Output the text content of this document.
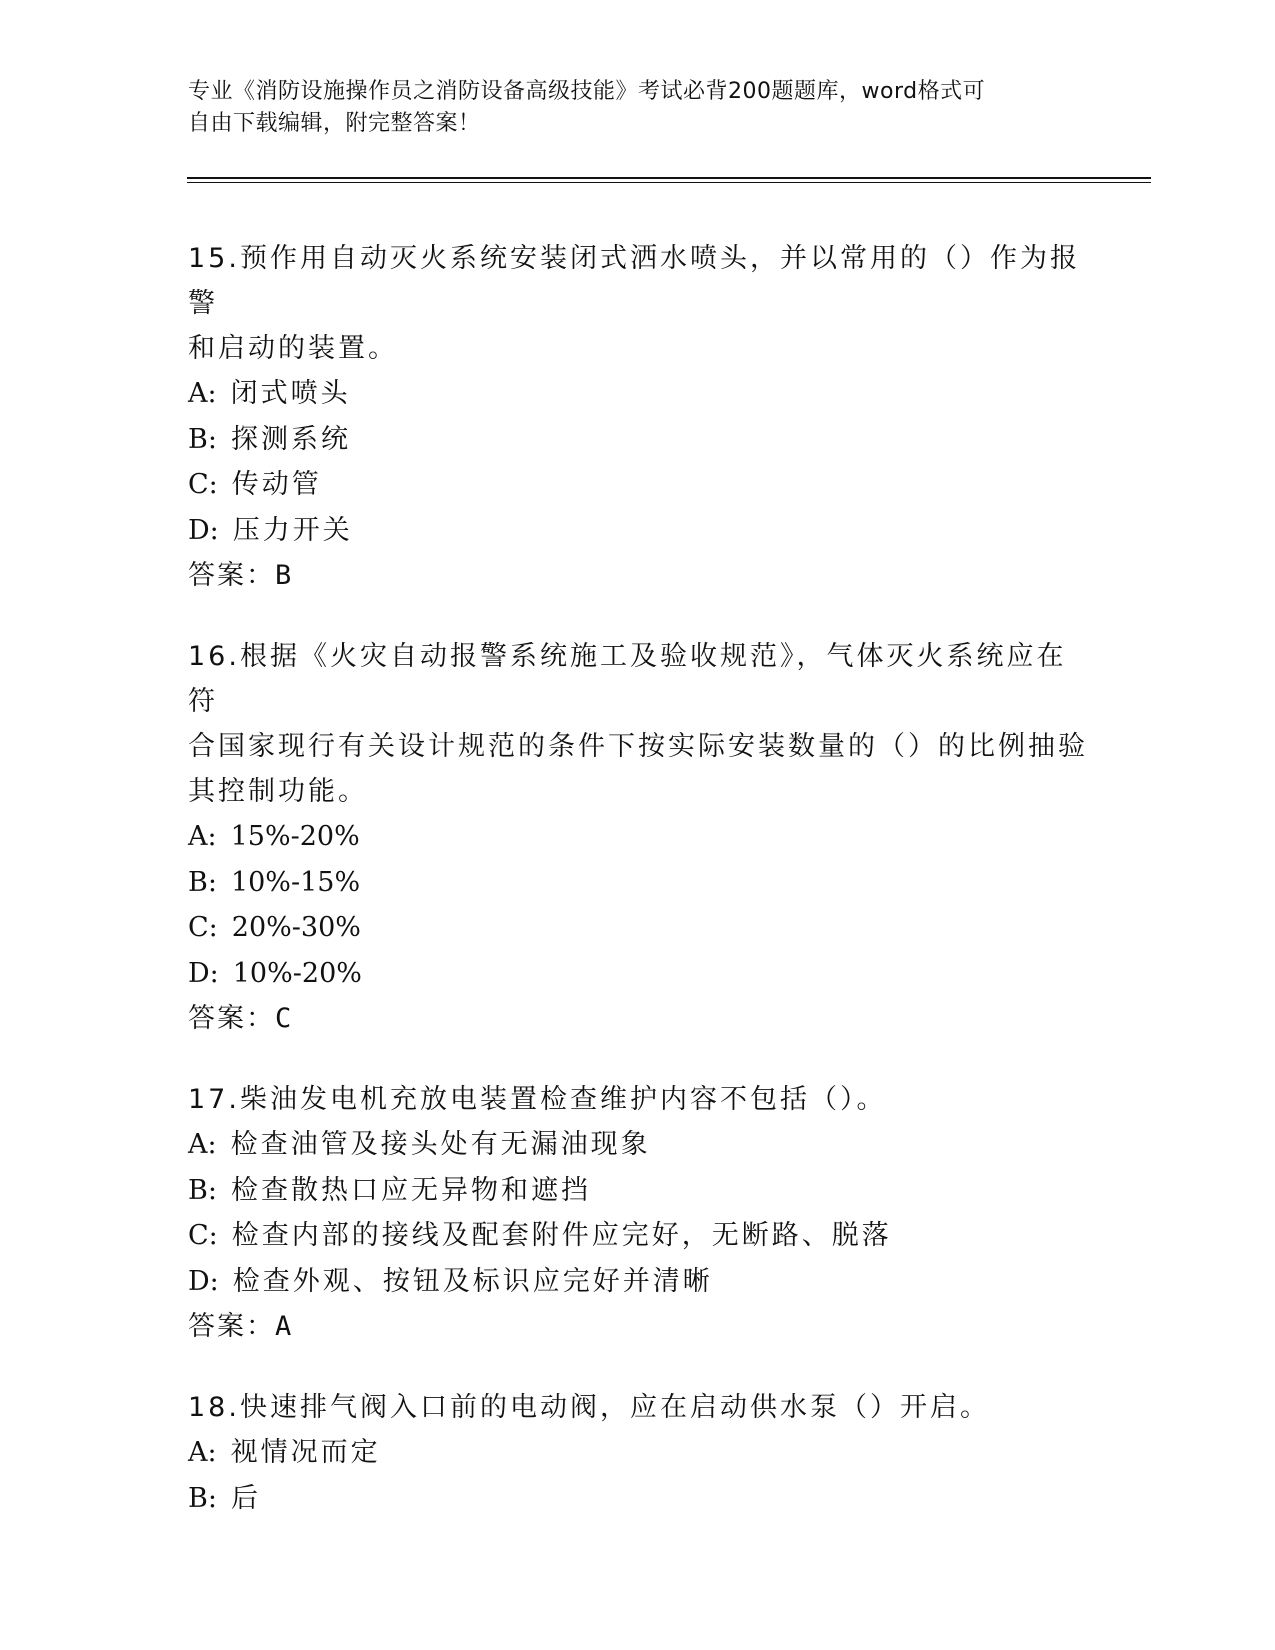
专业《消防设施操作员之消防设备高级技能》考试必背200题题库，word格式可
自由下载编辑，附完整答案！
15.预作用自动灭火系统安装闭式洒水喷头，并以常用的（）作为报警
和启动的装置。
A: 闭式喷头
B: 探测系统
C: 传动管
D: 压力开关
答案：B
16.根据《火灾自动报警系统施工及验收规范》，气体灭火系统应在符
合国家现行有关设计规范的条件下按实际安装数量的（）的比例抽验
其控制功能。
A: 15%-20%
B: 10%-15%
C: 20%-30%
D: 10%-20%
答案：C
17.柴油发电机充放电装置检查维护内容不包括（）。
A: 检查油管及接头处有无漏油现象
B: 检查散热口应无异物和遮挡
C: 检查内部的接线及配套附件应完好，无断路、脱落
D: 检查外观、按钮及标识应完好并清晰
答案：A
18.快速排气阀入口前的电动阀，应在启动供水泵（）开启。
A: 视情况而定
B: 后
